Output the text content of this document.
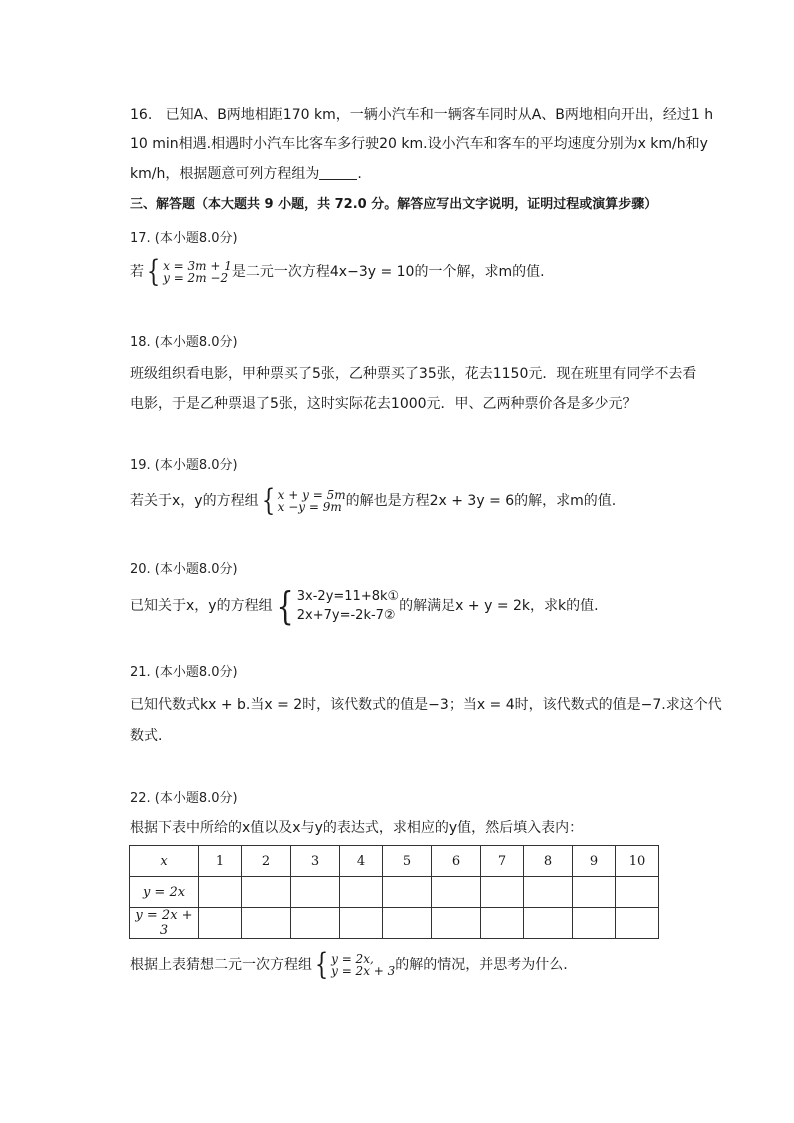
16. 已知A、B两地相距170 km，一辆小汽车和一辆客车同时从A、B两地相向开出，经过1 h
10 min相遇.相遇时小汽车比客车多行驶20 km.设小汽车和客车的平均速度分别为x km/h和y
km/h，根据题意可列方程组为	.
三、解答题（本大题共 9 小题，共 72.0 分。解答应写出文字说明，证明过程或演算步骤）
17. (本小题8.0分)
若 { x = 3m + 1
y = 2m −2 是二元一次方程4x−3y = 10的一个解，求m的值.
18. (本小题8.0分)
班级组织看电影，甲种票买了5张，乙种票买了35张，花去1150元．现在班里有同学不去看
电影，于是乙种票退了5张，这时实际花去1000元．甲、乙两种票价各是多少元？
19. (本小题8.0分)
若关于x，y的方程组 { x + y = 5m
x −y = 9m 的解也是方程2x + 3y = 6的解，求m的值.
20. (本小题8.0分)
已知关于x，y的方程组 { 3x-2y=11+8k①
2x+7y=-2k-7②
的解满足x + y = 2k，求k的值.
21. (本小题8.0分)
已知代数式kx + b.当x = 2时，该代数式的值是−3；当x = 4时，该代数式的值是−7.求这个代
数式.
22. (本小题8.0分)
根据下表中所给的x值以及x与y的表达式，求相应的y值，然后填入表内：
x	1	2	3	4	5	6	7	8	9	10
y = 2x										
y = 2x + 3										
根据上表猜想二元一次方程组 { y = 2x,
y = 2x + 3 的解的情况，并思考为什么.
